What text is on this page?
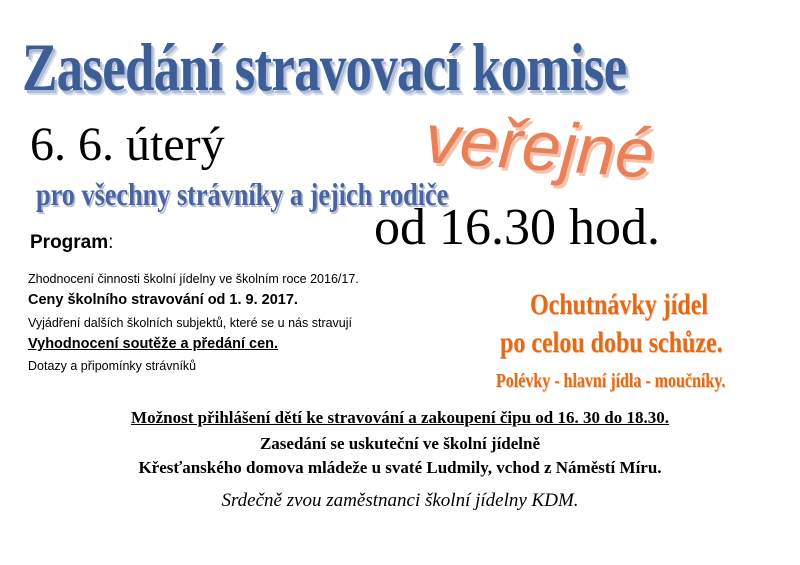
Zasedání stravovací komise
6. 6. úterý	veřejné
pro všechny strávníky a jejich rodiče
od 16.30 hod.
Program:
Zhodnocení činnosti školní jídelny ve školním roce 2016/17.
Ceny školního stravování od 1. 9. 2017.
Vyjádření dalších školních subjektů, které se u nás stravují
Vyhodnocení soutěže a předání cen.
Dotazy a připomínky strávníků
Ochutnávky jídel
po celou dobu schůze.
Polévky - hlavní jídla - moučníky.
Možnost přihlášení dětí ke stravování a zakoupení čipu od 16. 30 do 18.30.
Zasedání se uskuteční ve školní jídelně
Křesťanského domova mládeže u svaté Ludmily, vchod z Náměstí Míru.
Srdečně zvou zaměstnanci školní jídelny KDM.
